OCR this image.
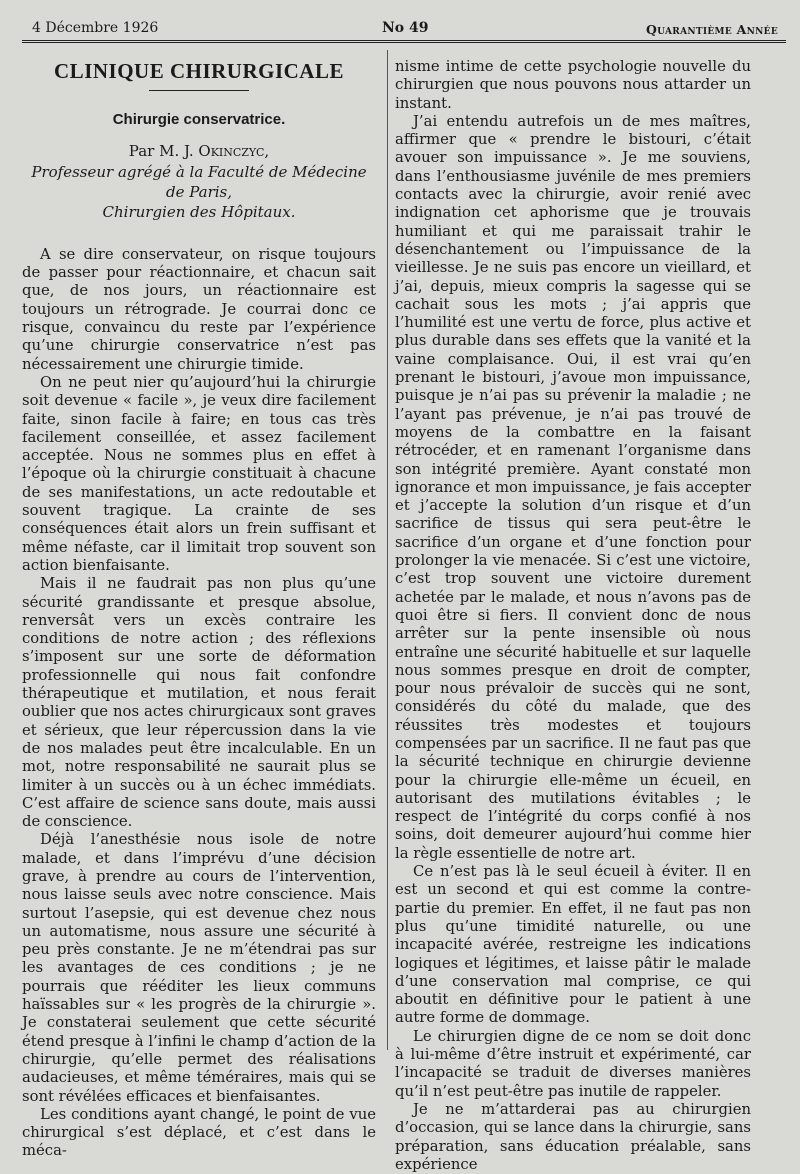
4 Décembre 1926	No 49	Quarantième Année
CLINIQUE CHIRURGICALE
Chirurgie conservatrice.
Par M. J. Okinczyc,
Professeur agrégé à la Faculté de Médecine de Paris,
Chirurgien des Hôpitaux.

A se dire conservateur, on risque toujours de passer pour réactionnaire, et chacun sait que, de nos jours, un réactionnaire est toujours un rétrograde. Je courrai donc ce risque, convaincu du reste par l’expérience qu’une chirurgie conservatrice n’est pas nécessairement une chirurgie timide.

On ne peut nier qu’aujourd’hui la chirurgie soit devenue « facile », je veux dire facilement faite, sinon facile à faire; en tous cas très facilement conseillée, et assez facilement acceptée. Nous ne sommes plus en effet à l’époque où la chirurgie constituait à chacune de ses manifestations, un acte redoutable et souvent tragique. La crainte de ses conséquences était alors un frein suffisant et même néfaste, car il limitait trop souvent son action bienfaisante.

Mais il ne faudrait pas non plus qu’une sécurité grandissante et presque absolue, renversât vers un excès contraire les conditions de notre action ; des réflexions s’imposent sur une sorte de déformation professionnelle qui nous fait confondre thérapeutique et mutilation, et nous ferait oublier que nos actes chirurgicaux sont graves et sérieux, que leur répercussion dans la vie de nos malades peut être incalculable. En un mot, notre responsabilité ne saurait plus se limiter à un succès ou à un échec immédiats. C’est affaire de science sans doute, mais aussi de conscience.

Déjà l’anesthésie nous isole de notre malade, et dans l’imprévu d’une décision grave, à prendre au cours de l’intervention, nous laisse seuls avec notre conscience. Mais surtout l’asepsie, qui est devenue chez nous un automatisme, nous assure une sécurité à peu près constante. Je ne m’étendrai pas sur les avantages de ces conditions ; je ne pourrais que rééditer les lieux communs haïssables sur « les progrès de la chirurgie ». Je constaterai seulement que cette sécurité étend presque à l’infini le champ d’action de la chirurgie, qu’elle permet des réalisations audacieuses, et même téméraires, mais qui se sont révélées efficaces et bienfaisantes.

Les conditions ayant changé, le point de vue chirurgical s’est déplacé, et c’est dans le méca-

nisme intime de cette psychologie nouvelle du chirurgien que nous pouvons nous attarder un instant.

J’ai entendu autrefois un de mes maîtres, affirmer que « prendre le bistouri, c’était avouer son impuissance ». Je me souviens, dans l’enthousiasme juvénile de mes premiers contacts avec la chirurgie, avoir renié avec indignation cet aphorisme que je trouvais humiliant et qui me paraissait trahir le désenchantement ou l’impuissance de la vieillesse. Je ne suis pas encore un vieillard, et j’ai, depuis, mieux compris la sagesse qui se cachait sous les mots ; j’ai appris que l’humilité est une vertu de force, plus active et plus durable dans ses effets que la vanité et la vaine complaisance. Oui, il est vrai qu’en prenant le bistouri, j’avoue mon impuissance, puisque je n’ai pas su prévenir la maladie ; ne l’ayant pas prévenue, je n’ai pas trouvé de moyens de la combattre en la faisant rétrocéder, et en ramenant l’organisme dans son intégrité première. Ayant constaté mon ignorance et mon impuissance, je fais accepter et j’accepte la solution d’un risque et d’un sacrifice de tissus qui sera peut-être le sacrifice d’un organe et d’une fonction pour prolonger la vie menacée. Si c’est une victoire, c’est trop souvent une victoire durement achetée par le malade, et nous n’avons pas de quoi être si fiers. Il convient donc de nous arrêter sur la pente insensible où nous entraîne une sécurité habituelle et sur laquelle nous sommes presque en droit de compter, pour nous prévaloir de succès qui ne sont, considérés du côté du malade, que des réussites très modestes et toujours compensées par un sacrifice. Il ne faut pas que la sécurité technique en chirurgie devienne pour la chirurgie elle-même un écueil, en autorisant des mutilations évitables ; le respect de l’intégrité du corps confié à nos soins, doit demeurer aujourd’hui comme hier la règle essentielle de notre art.

Ce n’est pas là le seul écueil à éviter. Il en est un second et qui est comme la contre-partie du premier. En effet, il ne faut pas non plus qu’une timidité naturelle, ou une incapacité avérée, restreigne les indications logiques et légitimes, et laisse pâtir le malade d’une conservation mal comprise, ce qui aboutit en définitive pour le patient à une autre forme de dommage.

Le chirurgien digne de ce nom se doit donc à lui-même d’être instruit et expérimenté, car l’incapacité se traduit de diverses manières qu’il n’est peut-être pas inutile de rappeler.

Je ne m’attarderai pas au chirurgien d’occasion, qui se lance dans la chirurgie, sans préparation, sans éducation préalable, sans expérience
